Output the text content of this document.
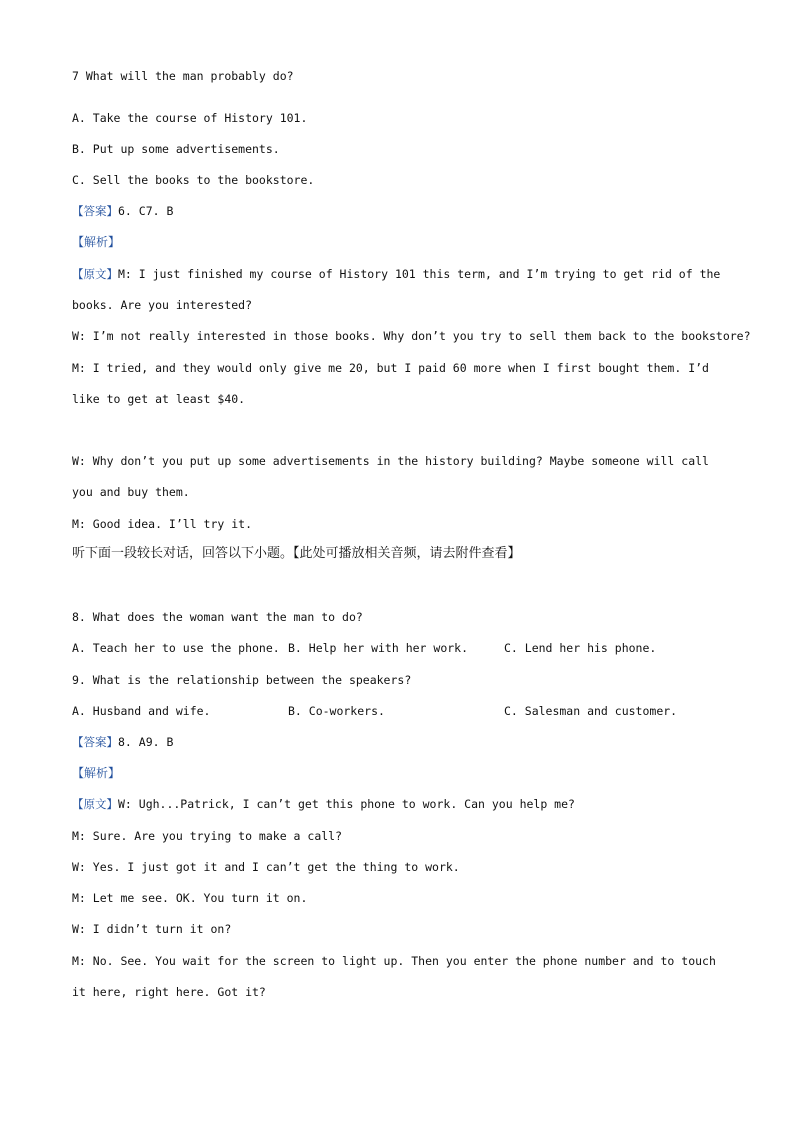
7 What will the man probably do?
A. Take the course of History 101.
B. Put up some advertisements.
C. Sell the books to the bookstore.
【答案】6. C7. B
【解析】
【原文】M: I just finished my course of History 101 this term, and I’m trying to get rid of the
books. Are you interested?
W: I’m not really interested in those books. Why don’t you try to sell them back to the bookstore?
M: I tried, and they would only give me 20, but I paid 60 more when I first bought them. I’d
like to get at least $40.
W: Why don’t you put up some advertisements in the history building? Maybe someone will call
you and buy them.
M: Good idea. I’ll try it.
听下面一段较长对话，回答以下小题。【此处可播放相关音频，请去附件查看】
8. What does the woman want the man to do?
A. Teach her to use the phone. B. Help her with her work.	C. Lend her his phone.
9. What is the relationship between the speakers?
A. Husband and wife.	B. Co-workers.	C. Salesman and customer.
【答案】8. A9. B
【解析】
【原文】W: Ugh...Patrick, I can’t get this phone to work. Can you help me?
M: Sure. Are you trying to make a call?
W: Yes. I just got it and I can’t get the thing to work.
M: Let me see. OK. You turn it on.
W: I didn’t turn it on?
M: No. See. You wait for the screen to light up. Then you enter the phone number and to touch
it here, right here. Got it?
